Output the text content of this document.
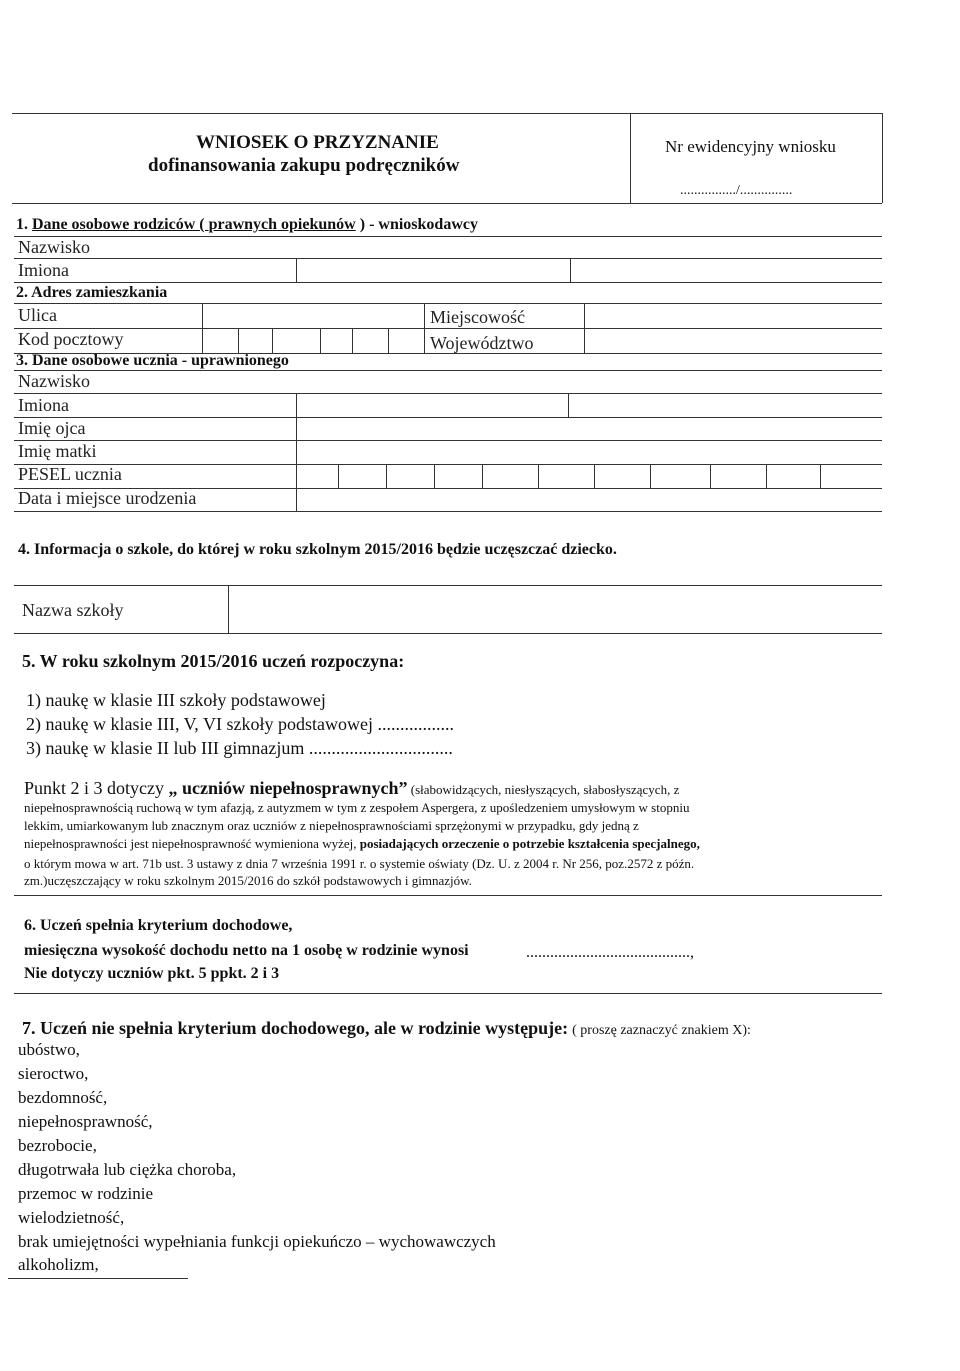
WNIOSEK O PRZYZNANIE
dofinansowania zakupu podręczników
Nr ewidencyjny wniosku
................/...............
1. Dane osobowe rodziców ( prawnych opiekunów ) - wnioskodawcy
Nazwisko
Imiona
2. Adres zamieszkania
Ulica	Miejscowość
Kod pocztowy	Województwo
3. Dane osobowe ucznia - uprawnionego
Nazwisko
Imiona
Imię ojca
Imię matki
PESEL ucznia
Data i miejsce urodzenia
4. Informacja o szkole, do której w roku szkolnym 2015/2016 będzie uczęszczać dziecko.
Nazwa szkoły
5. W roku szkolnym 2015/2016 uczeń rozpoczyna:
1) naukę w klasie III szkoły podstawowej
2) naukę w klasie III, V, VI szkoły podstawowej .................
3) naukę w klasie II lub III gimnazjum ................................
Punkt 2 i 3 dotyczy „ uczniów niepełnosprawnych” (słabowidzących, niesłyszących, słabosłyszących, z
niepełnosprawnością ruchową w tym afazją, z autyzmem w tym z zespołem Aspergera, z upośledzeniem umysłowym w stopniu
lekkim, umiarkowanym lub znacznym oraz uczniów z niepełnosprawnościami sprzężonymi w przypadku, gdy jedną z
niepełnosprawności jest niepełnosprawność wymieniona wyżej, posiadających orzeczenie o potrzebie kształcenia specjalnego,
o którym mowa w art. 71b ust. 3 ustawy z dnia 7 września 1991 r. o systemie oświaty (Dz. U. z 2004 r. Nr 256, poz.2572 z późn.
zm.)uczęszczający w roku szkolnym 2015/2016 do szkół podstawowych i gimnazjów.
6. Uczeń spełnia kryterium dochodowe,
miesięczna wysokość dochodu netto na 1 osobę w rodzinie wynosi	.........................................,
Nie dotyczy uczniów pkt. 5 ppkt. 2 i 3
7. Uczeń nie spełnia kryterium dochodowego, ale w rodzinie występuje: ( proszę zaznaczyć znakiem X):
ubóstwo,
sieroctwo,
bezdomność,
niepełnosprawność,
bezrobocie,
długotrwała lub ciężka choroba,
przemoc w rodzinie
wielodzietność,
brak umiejętności wypełniania funkcji opiekuńczo – wychowawczych
alkoholizm,
